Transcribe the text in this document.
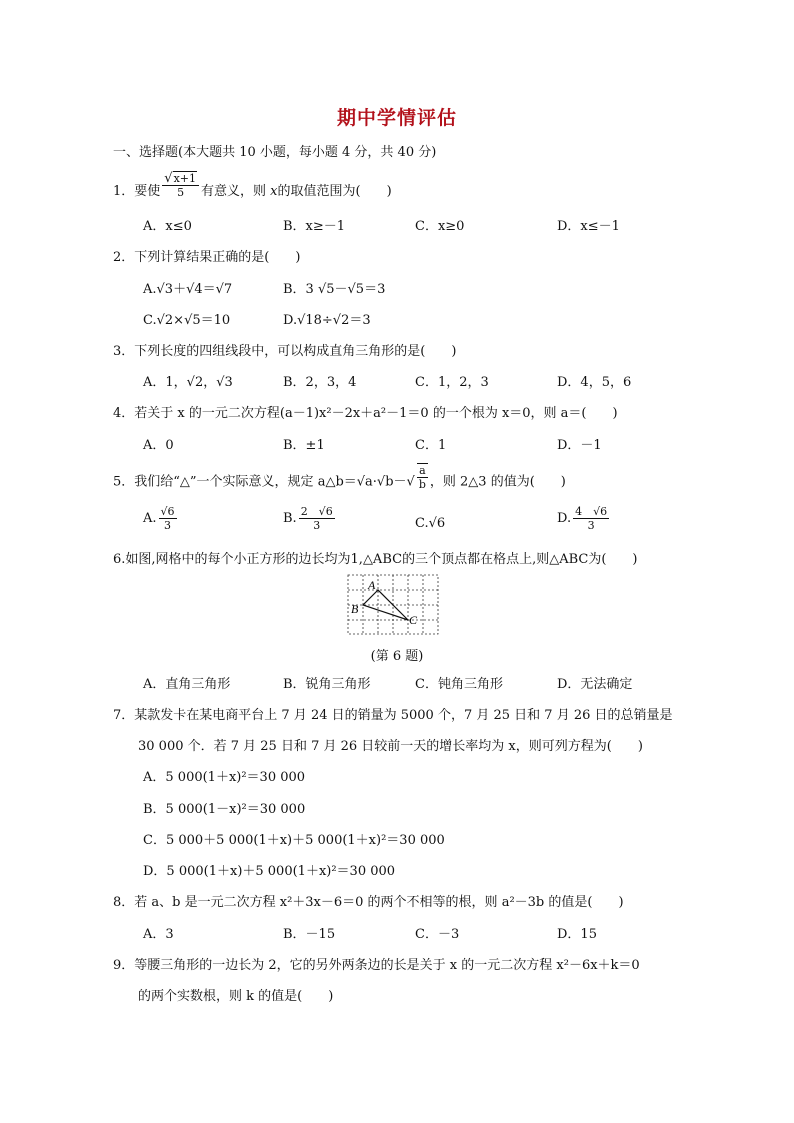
期中学情评估
一、选择题(本大题共 10 小题，每小题 4 分，共 40 分)
1．要使 $\frac{√x+1}{5}$ 有意义，则 x的取值范围为(　　)
A．x≤0	B．x≥－1	C．x≥0	D．x≤－1
2．下列计算结果正确的是(　　)
A.√3＋√4＝√7	B．3 √5－√5＝3
C.√2×√5＝10	D.√18÷√2＝3
3．下列长度的四组线段中，可以构成直角三角形的是(　　)
A．1，√2，√3	B．2，3，4	C．1，2，3	D．4，5，6
4．若关于 x 的一元二次方程(a－1)x²－2x＋a²－1＝0 的一个根为 x＝0，则 a＝(　　)
A．0	B．±1	C．1	D．－1
5．我们给“△”一个实际意义，规定 a△b＝√a·√b－√ $\frac{a}{b}$ ，则 2△3 的值为(　　)
A. $\frac{√6}{3}$	B. $\frac{2 √6}{3}$	C.√6	D. $\frac{4 √6}{3}$
6.如图,网格中的每个小正方形的边长均为1,△ABC的三个顶点都在格点上,则△ABC为(　　)
A
B
C
(第 6 题)
A．直角三角形	B．锐角三角形	C．钝角三角形	D．无法确定
7．某款发卡在某电商平台上 7 月 24 日的销量为 5000 个，7 月 25 日和 7 月 26 日的总销量是
30 000 个．若 7 月 25 日和 7 月 26 日较前一天的增长率均为 x，则可列方程为(　　)
A．5 000(1＋x)²＝30 000
B．5 000(1－x)²＝30 000
C．5 000＋5 000(1＋x)＋5 000(1＋x)²＝30 000
D．5 000(1＋x)＋5 000(1＋x)²＝30 000
8．若 a、b 是一元二次方程 x²＋3x－6＝0 的两个不相等的根，则 a²－3b 的值是(　　)
A．3	B．－15	C．－3	D．15
9．等腰三角形的一边长为 2，它的另外两条边的长是关于 x 的一元二次方程 x²－6x＋k＝0
的两个实数根，则 k 的值是(　　)
